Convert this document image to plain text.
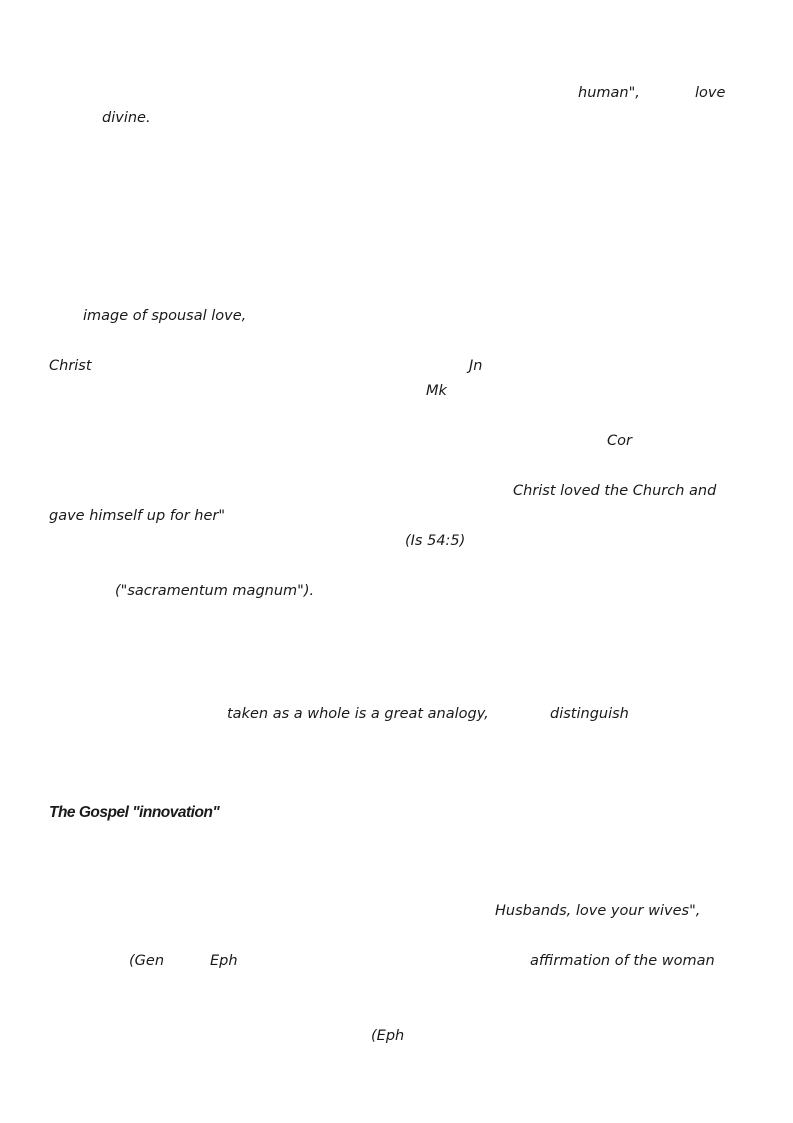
human",	love
divine.
image of spousal love,
Christ	Jn
Mk
Cor
Christ loved the Church and
gave himself up for her"
(Is 54:5)
("sacramentum magnum").
taken as a whole is a great analogy,	distinguish
The Gospel "innovation"
Husbands, love your wives",
(Gen	Eph	affirmation of the woman
(Eph
